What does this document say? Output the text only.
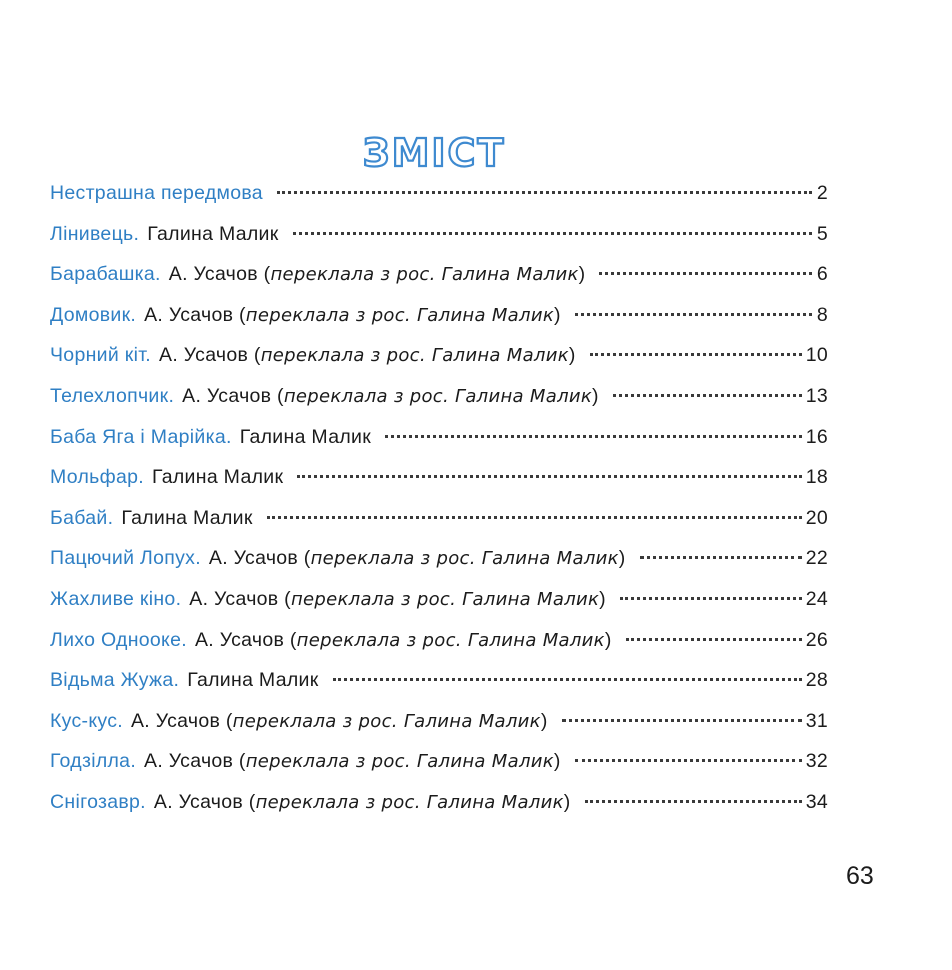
ЗМІСТ
Нестрашна передмова	2
Лінивець. Галина Малик	5
Барабашка. А. Усачов (переклала з рос. Галина Малик)	6
Домовик. А. Усачов (переклала з рос. Галина Малик)	8
Чорний кіт. А. Усачов (переклала з рос. Галина Малик)	10
Телехлопчик. А. Усачов (переклала з рос. Галина Малик)	13
Баба Яга і Марійка. Галина Малик	16
Мольфар. Галина Малик	18
Бабай. Галина Малик	20
Пацючий Лопух. А. Усачов (переклала з рос. Галина Малик)	22
Жахливе кіно. А. Усачов (переклала з рос. Галина Малик)	24
Лихо Однооке. А. Усачов (переклала з рос. Галина Малик)	26
Відьма Жужа. Галина Малик	28
Кус-кус. А. Усачов (переклала з рос. Галина Малик)	31
Годзілла. А. Усачов (переклала з рос. Галина Малик)	32
Снігозавр. А. Усачов (переклала з рос. Галина Малик)	34
63
